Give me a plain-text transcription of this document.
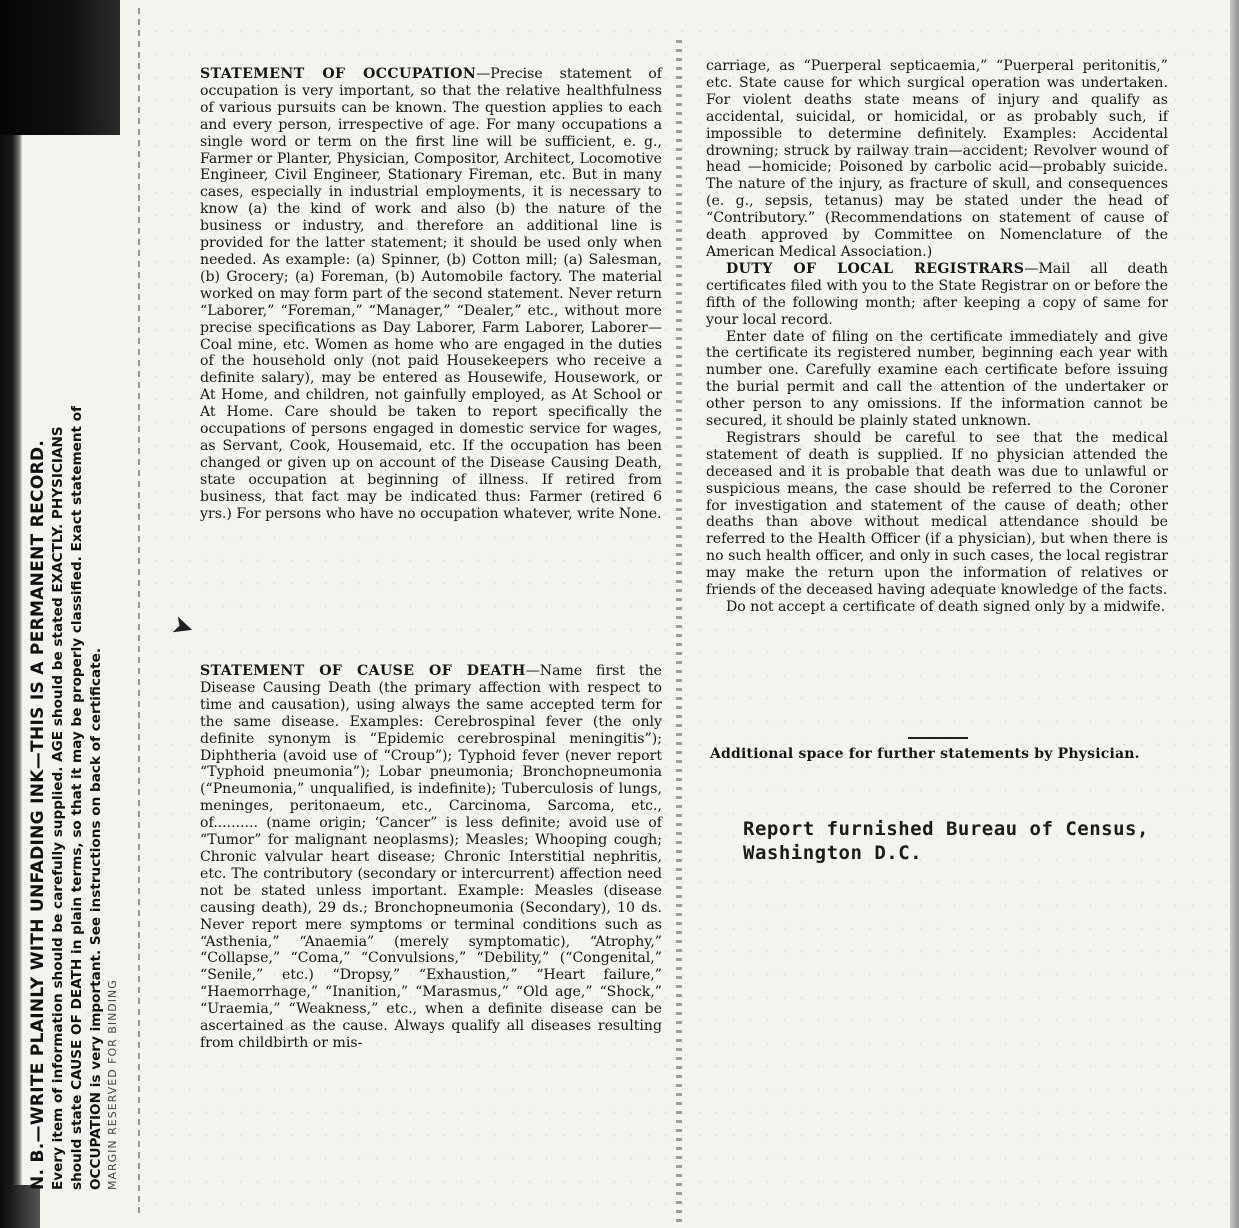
N. B.—WRITE PLAINLY WITH UNFADING INK—THIS IS A PERMANENT RECORD. Every item of information should be carefully supplied. AGE should be stated EXACTLY. PHYSICIANS should state CAUSE OF DEATH in plain terms, so that it may be properly classified. Exact statement of OCCUPATION is very important. See instructions on back of certificate. MARGIN RESERVED FOR BINDING

STATEMENT OF OCCUPATION—Precise statement of occupation is very important, so that the relative healthfulness of various pursuits can be known. The question applies to each and every person, irrespective of age. For many occupations a single word or term on the first line will be sufficient, e. g., Farmer or Planter, Physician, Compositor, Architect, Locomotive Engineer, Civil Engineer, Stationary Fireman, etc. But in many cases, especially in industrial employments, it is necessary to know (a) the kind of work and also (b) the nature of the business or industry, and therefore an additional line is provided for the latter statement; it should be used only when needed. As example: (a) Spinner, (b) Cotton mill; (a) Salesman, (b) Grocery; (a) Foreman, (b) Automobile factory. The material worked on may form part of the second statement. Never return “Laborer,” “Foreman,” “Manager,” “Dealer,” etc., without more precise specifications as Day Laborer, Farm Laborer, Laborer—Coal mine, etc. Women as home who are engaged in the duties of the household only (not paid Housekeepers who receive a definite salary), may be entered as Housewife, Housework, or At Home, and children, not gainfully employed, as At School or At Home. Care should be taken to report specifically the occupations of persons engaged in domestic service for wages, as Servant, Cook, Housemaid, etc. If the occupation has been changed or given up on account of the Disease Causing Death, state occupation at beginning of illness. If retired from business, that fact may be indicated thus: Farmer (retired 6 yrs.) For persons who have no occupation whatever, write None.

➤

STATEMENT OF CAUSE OF DEATH—Name first the Disease Causing Death (the primary affection with respect to time and causation), using always the same accepted term for the same disease. Examples: Cerebrospinal fever (the only definite synonym is “Epidemic cerebrospinal meningitis”); Diphtheria (avoid use of “Croup”); Typhoid fever (never report “Typhoid pneumonia”); Lobar pneumonia; Bronchopneumonia (“Pneumonia,” unqualified, is indefinite); Tuberculosis of lungs, meninges, peritonaeum, etc., Carcinoma, Sarcoma, etc., of.......... (name origin; ‘Cancer” is less definite; avoid use of “Tumor” for malignant neoplasms); Measles; Whooping cough; Chronic valvular heart disease; Chronic Interstitial nephritis, etc. The contributory (secondary or intercurrent) affection need not be stated unless important. Example: Measles (disease causing death), 29 ds.; Bronchopneumonia (Secondary), 10 ds. Never report mere symptoms or terminal conditions such as “Asthenia,” “Anaemia” (merely symptomatic), “Atrophy,” “Collapse,” “Coma,” “Convulsions,” “Debility,” (“Congenital,” “Senile,” etc.) “Dropsy,” “Exhaustion,” “Heart failure,” “Haemorrhage,” “Inanition,” “Marasmus,” “Old age,” “Shock,” “Uraemia,” “Weakness,” etc., when a definite disease can be ascertained as the cause. Always qualify all diseases resulting from childbirth or mis-

carriage, as “Puerperal septicaemia,” “Puerperal peritonitis,” etc. State cause for which surgical operation was undertaken. For violent deaths state means of injury and qualify as accidental, suicidal, or homicidal, or as probably such, if impossible to determine definitely. Examples: Accidental drowning; struck by railway train—accident; Revolver wound of head —homicide; Poisoned by carbolic acid—probably suicide. The nature of the injury, as fracture of skull, and consequences (e. g., sepsis, tetanus) may be stated under the head of “Contributory.” (Recommendations on statement of cause of death approved by Committee on Nomenclature of the American Medical Association.)

DUTY OF LOCAL REGISTRARS—Mail all death certificates filed with you to the State Registrar on or before the fifth of the following month; after keeping a copy of same for your local record.

Enter date of filing on the certificate immediately and give the certificate its registered number, beginning each year with number one. Carefully examine each certificate before issuing the burial permit and call the attention of the undertaker or other person to any omissions. If the information cannot be secured, it should be plainly stated unknown.

Registrars should be careful to see that the medical statement of death is supplied. If no physician attended the deceased and it is probable that death was due to unlawful or suspicious means, the case should be referred to the Coroner for investigation and statement of the cause of death; other deaths than above without medical attendance should be referred to the Health Officer (if a physician), but when there is no such health officer, and only in such cases, the local registrar may make the return upon the information of relatives or friends of the deceased having adequate knowledge of the facts.

Do not accept a certificate of death signed only by a midwife.

Additional space for further statements by Physician.
Report furnished Bureau of Census,
Washington D.C.
